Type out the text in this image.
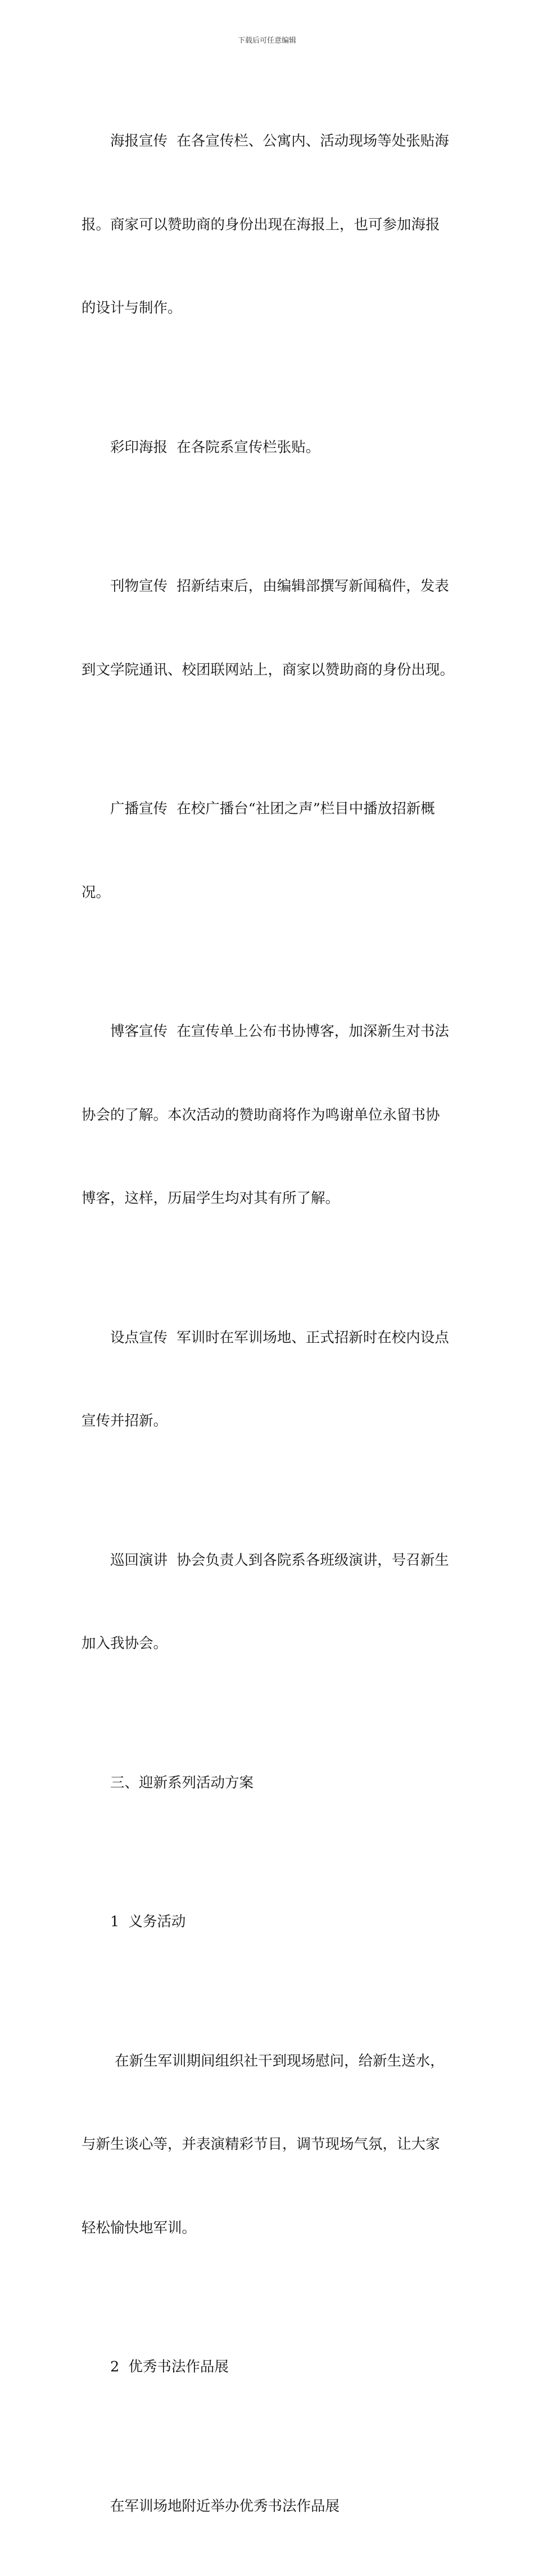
下载后可任意编辑

海报宣传  在各宣传栏、公寓内、活动现场等处张贴海

报。商家可以赞助商的身份出现在海报上，也可参加海报

的设计与制作。

彩印海报  在各院系宣传栏张贴。

刊物宣传  招新结束后，由编辑部撰写新闻稿件，发表

到文学院通讯、校团联网站上，商家以赞助商的身份出现。

广播宣传  在校广播台“社团之声”栏目中播放招新概

况。

博客宣传  在宣传单上公布书协博客，加深新生对书法

协会的了解。本次活动的赞助商将作为鸣谢单位永留书协

博客，这样，历届学生均对其有所了解。

设点宣传  军训时在军训场地、正式招新时在校内设点

宣传并招新。

巡回演讲  协会负责人到各院系各班级演讲，号召新生

加入我协会。

三、迎新系列活动方案

1  义务活动

在新生军训期间组织社干到现场慰问，给新生送水，

与新生谈心等，并表演精彩节目，调节现场气氛，让大家

轻松愉快地军训。

2  优秀书法作品展

在军训场地附近举办优秀书法作品展
